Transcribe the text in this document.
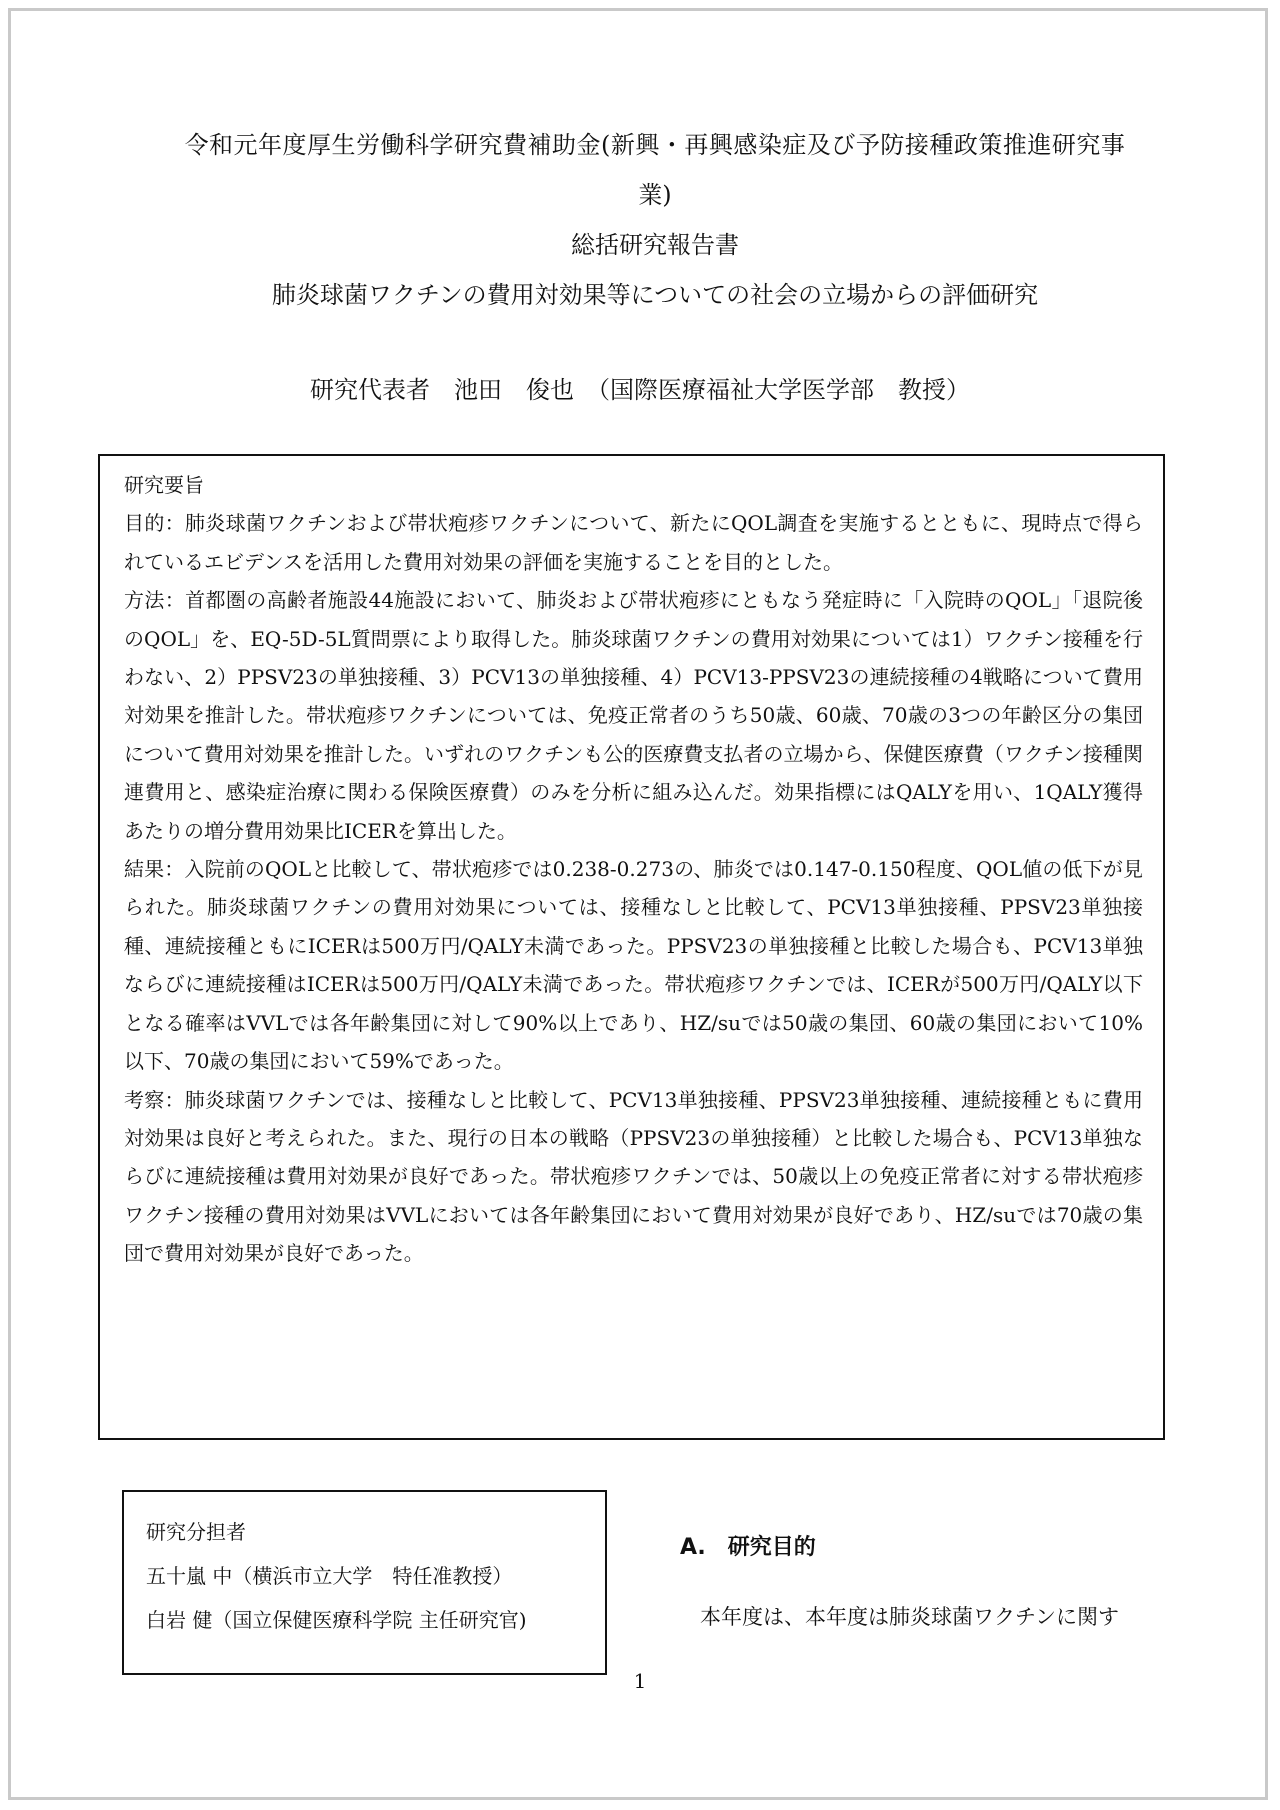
令和元年度厚生労働科学研究費補助金(新興・再興感染症及び予防接種政策推進研究事
業)
総括研究報告書
肺炎球菌ワクチンの費用対効果等についての社会の立場からの評価研究
研究代表者　 池田　俊也　 （国際医療福祉大学医学部　教授）

研究要旨

目的：肺炎球菌ワクチンおよび帯状疱疹ワクチンについて、新たにQOL調査を実施するとともに、現時点で得られているエビデンスを活用した費用対効果の評価を実施することを目的とした。

方法：首都圏の高齢者施設44施設において、肺炎および帯状疱疹にともなう発症時に「入院時のQOL」「退院後のQOL」を、EQ-5D-5L質問票により取得した。肺炎球菌ワクチンの費用対効果については1）ワクチン接種を行わない、2）PPSV23の単独接種、3）PCV13の単独接種、4）PCV13-PPSV23の連続接種の4戦略について費用対効果を推計した。帯状疱疹ワクチンについては、免疫正常者のうち50歳、60歳、70歳の3つの年齢区分の集団について費用対効果を推計した。いずれのワクチンも公的医療費支払者の立場から、保健医療費（ワクチン接種関連費用と、感染症治療に関わる保険医療費）のみを分析に組み込んだ。効果指標にはQALYを用い、1QALY獲得あたりの増分費用効果比ICERを算出した。

結果：入院前のQOLと比較して、帯状疱疹では0.238-0.273の、肺炎では0.147-0.150程度、QOL値の低下が見られた。肺炎球菌ワクチンの費用対効果については、接種なしと比較して、PCV13単独接種、PPSV23単独接種、連続接種ともにICERは500万円/QALY未満であった。PPSV23の単独接種と比較した場合も、PCV13単独ならびに連続接種はICERは500万円/QALY未満であった。帯状疱疹ワクチンでは、ICERが500万円/QALY以下となる確率はVVLでは各年齢集団に対して90%以上であり、HZ/suでは50歳の集団、60歳の集団において10%以下、70歳の集団において59%であった。

考察：肺炎球菌ワクチンでは、接種なしと比較して、PCV13単独接種、PPSV23単独接種、連続接種ともに費用対効果は良好と考えられた。また、現行の日本の戦略（PPSV23の単独接種）と比較した場合も、PCV13単独ならびに連続接種は費用対効果が良好であった。帯状疱疹ワクチンでは、50歳以上の免疫正常者に対する帯状疱疹ワクチン接種の費用対効果はVVLにおいては各年齢集団において費用対効果が良好であり、HZ/suでは70歳の集団で費用対効果が良好であった。

研究分担者
五十嵐 中（横浜市立大学　特任准教授）
白岩 健（国立保健医療科学院 主任研究官)
A.　研究目的
本年度は、本年度は肺炎球菌ワクチンに関す
1
